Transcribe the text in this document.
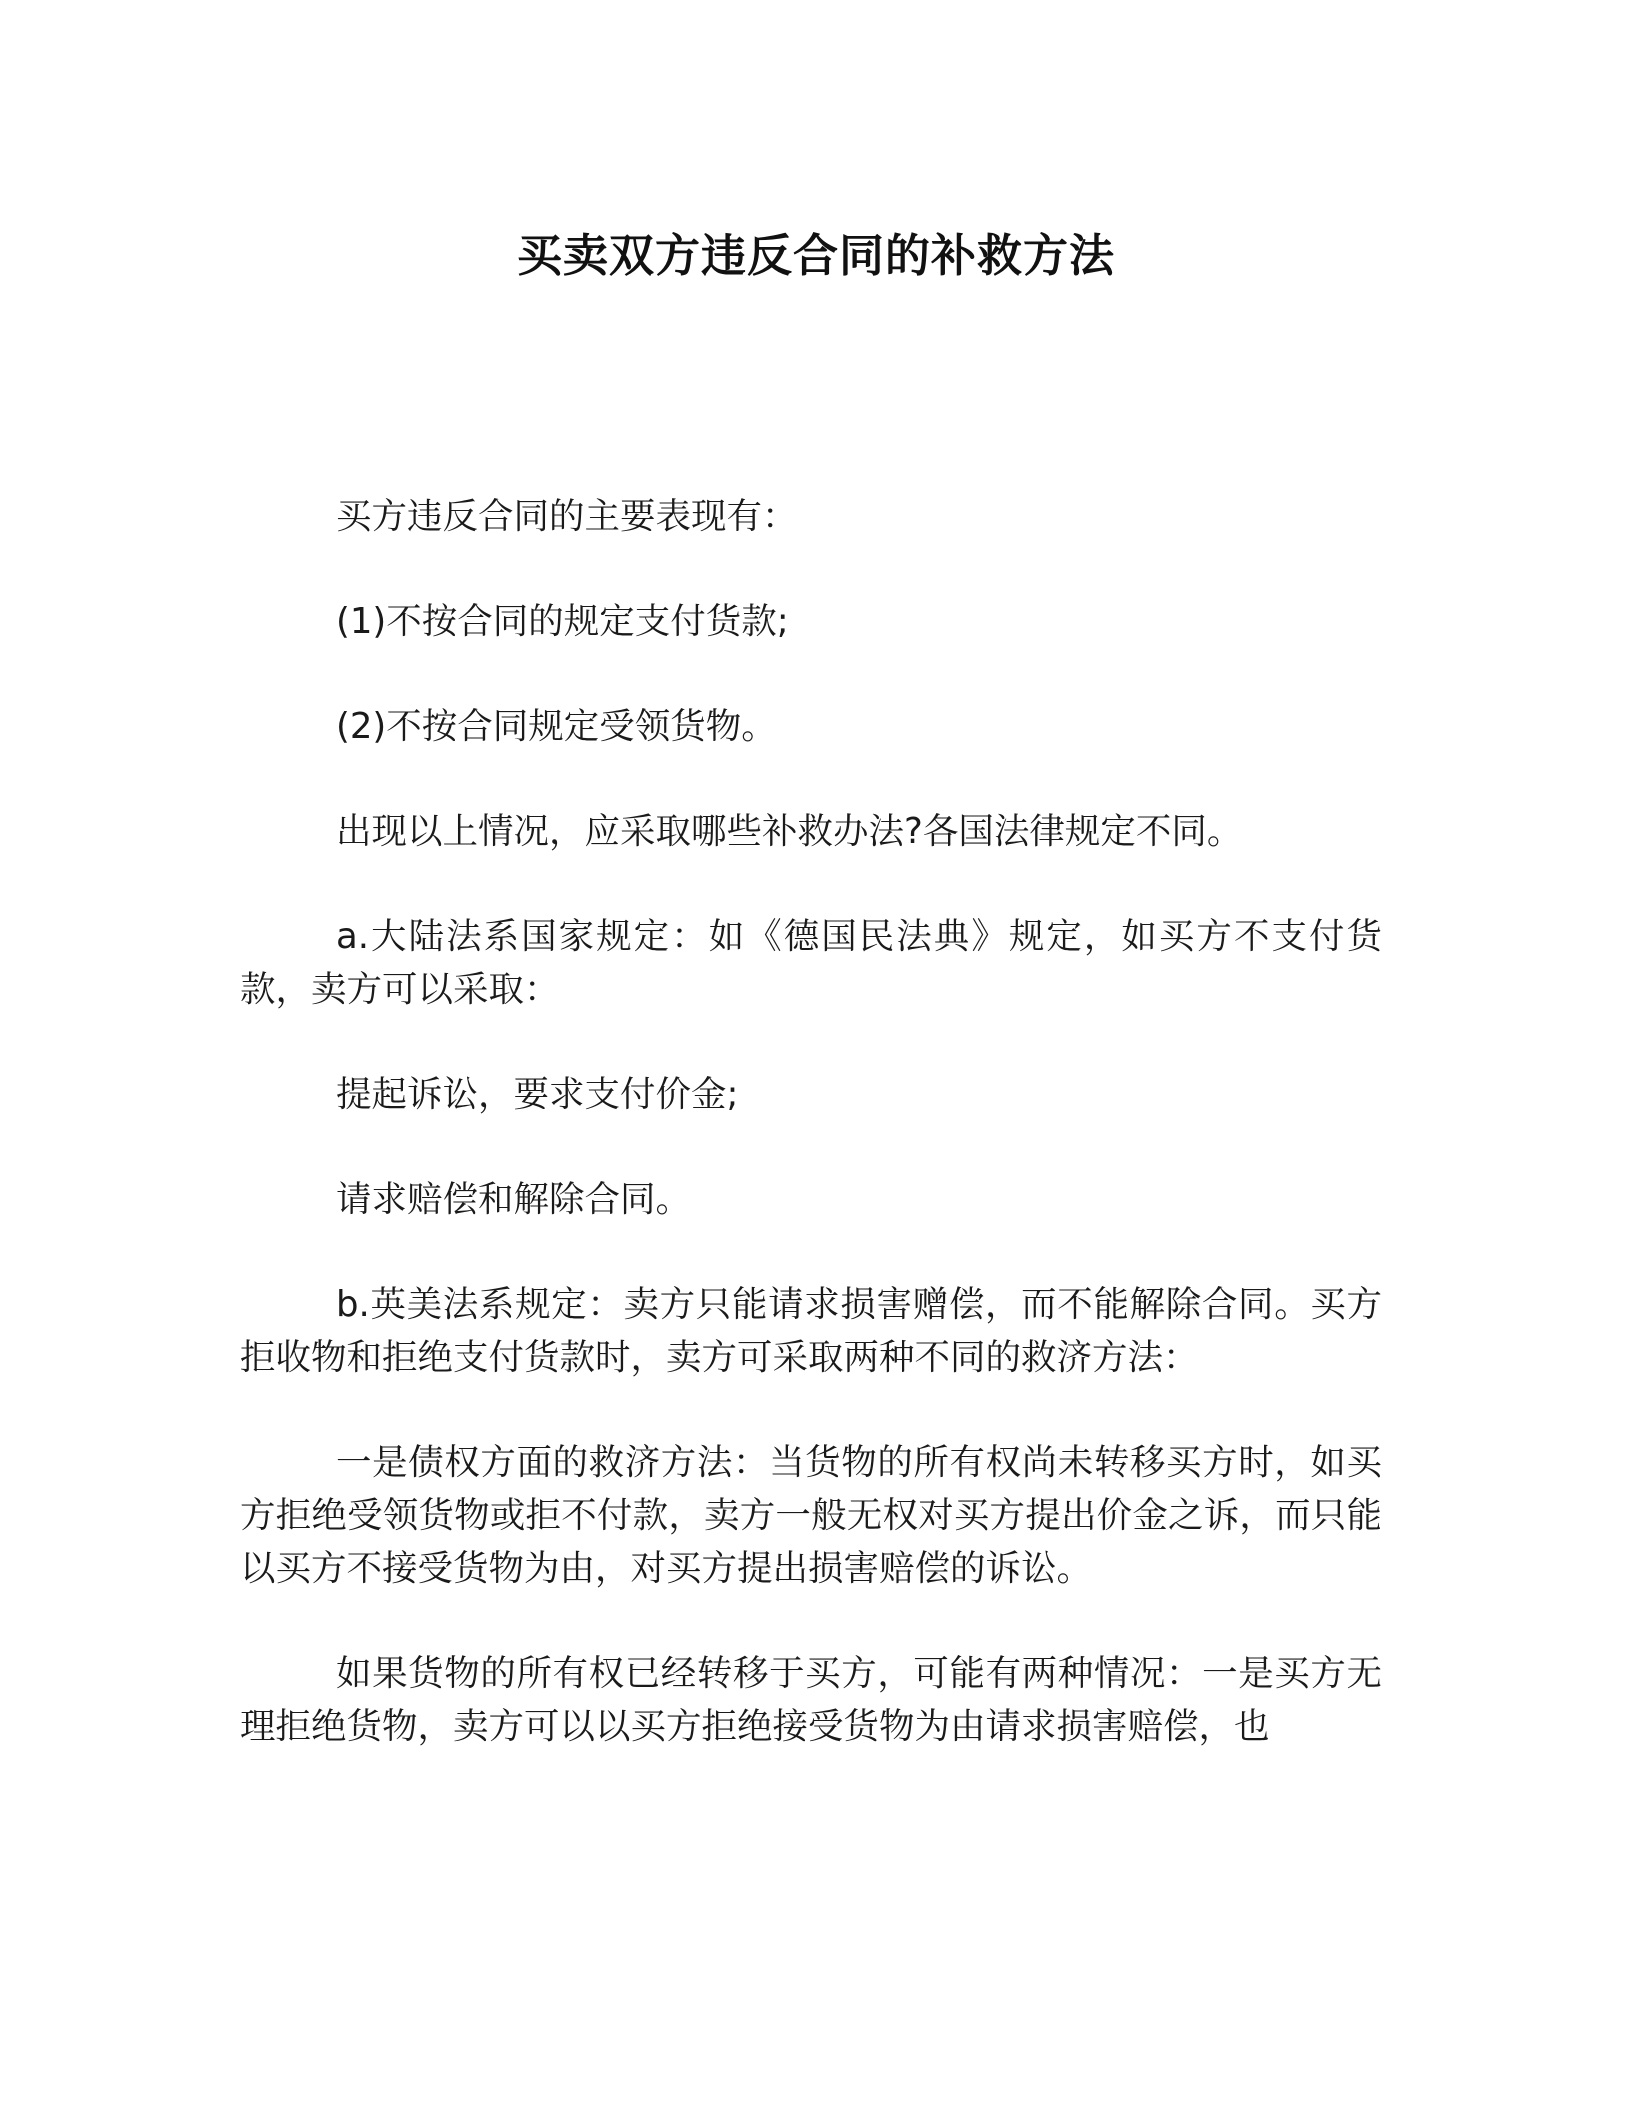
买卖双方违反合同的补救方法

买方违反合同的主要表现有：

(1)不按合同的规定支付货款;

(2)不按合同规定受领货物。

出现以上情况，应采取哪些补救办法?各国法律规定不同。

a.大陆法系国家规定：如《德国民法典》规定，如买方不支付货款，卖方可以采取：

提起诉讼，要求支付价金;

请求赔偿和解除合同。

b.英美法系规定：卖方只能请求损害赠偿，而不能解除合同。买方拒收物和拒绝支付货款时，卖方可采取两种不同的救济方法：

一是债权方面的救济方法：当货物的所有权尚未转移买方时，如买方拒绝受领货物或拒不付款，卖方一般无权对买方提出价金之诉，而只能以买方不接受货物为由，对买方提出损害赔偿的诉讼。

如果货物的所有权已经转移于买方，可能有两种情况：一是买方无理拒绝货物，卖方可以以买方拒绝接受货物为由请求损害赔偿，也
